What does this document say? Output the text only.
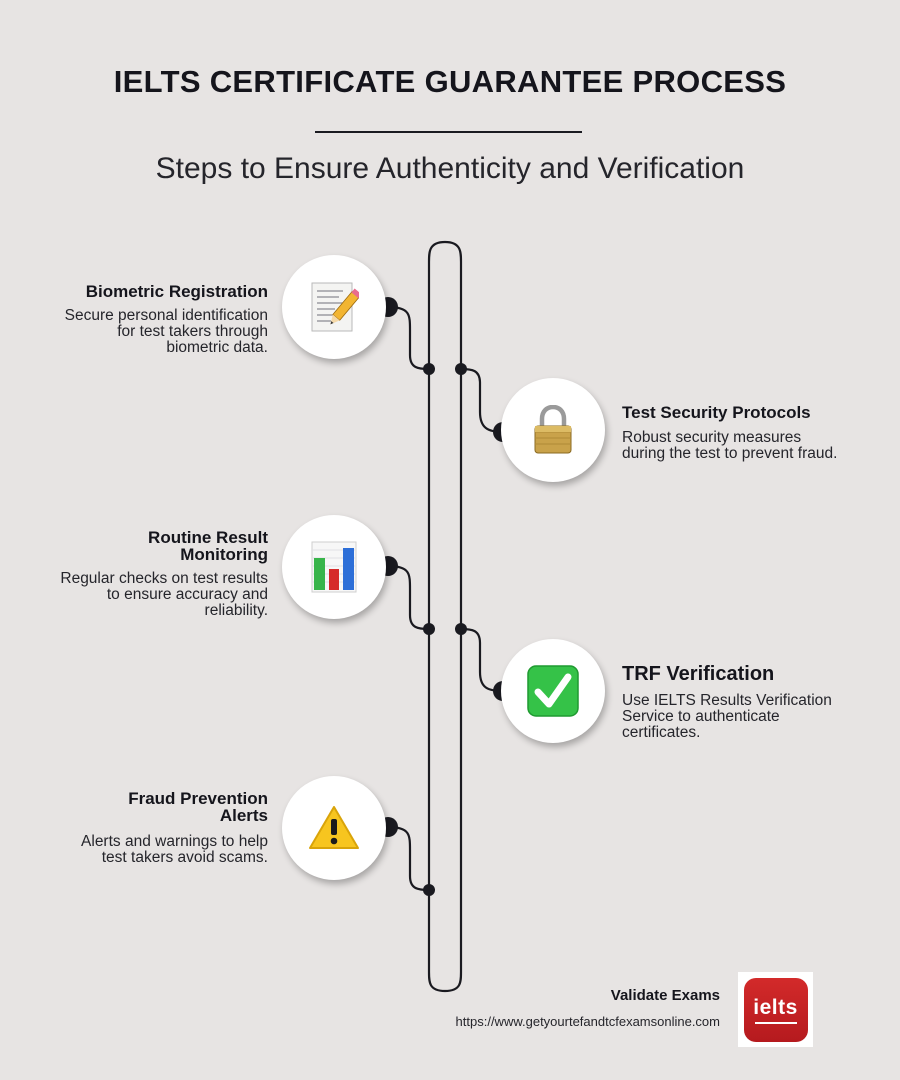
IELTS CERTIFICATE GUARANTEE PROCESS
Steps to Ensure Authenticity and Verification
Biometric Registration
Secure personal identification for test takers through biometric data.
Test Security Protocols
Robust security measures during the test to prevent fraud.
Routine Result Monitoring
Regular checks on test results to ensure accuracy and reliability.
TRF Verification
Use IELTS Results Verification Service to authenticate certificates.
Fraud Prevention Alerts
Alerts and warnings to help test takers avoid scams.
Validate Exams
https://www.getyourtefandtcfexamsonline.com
ielts
